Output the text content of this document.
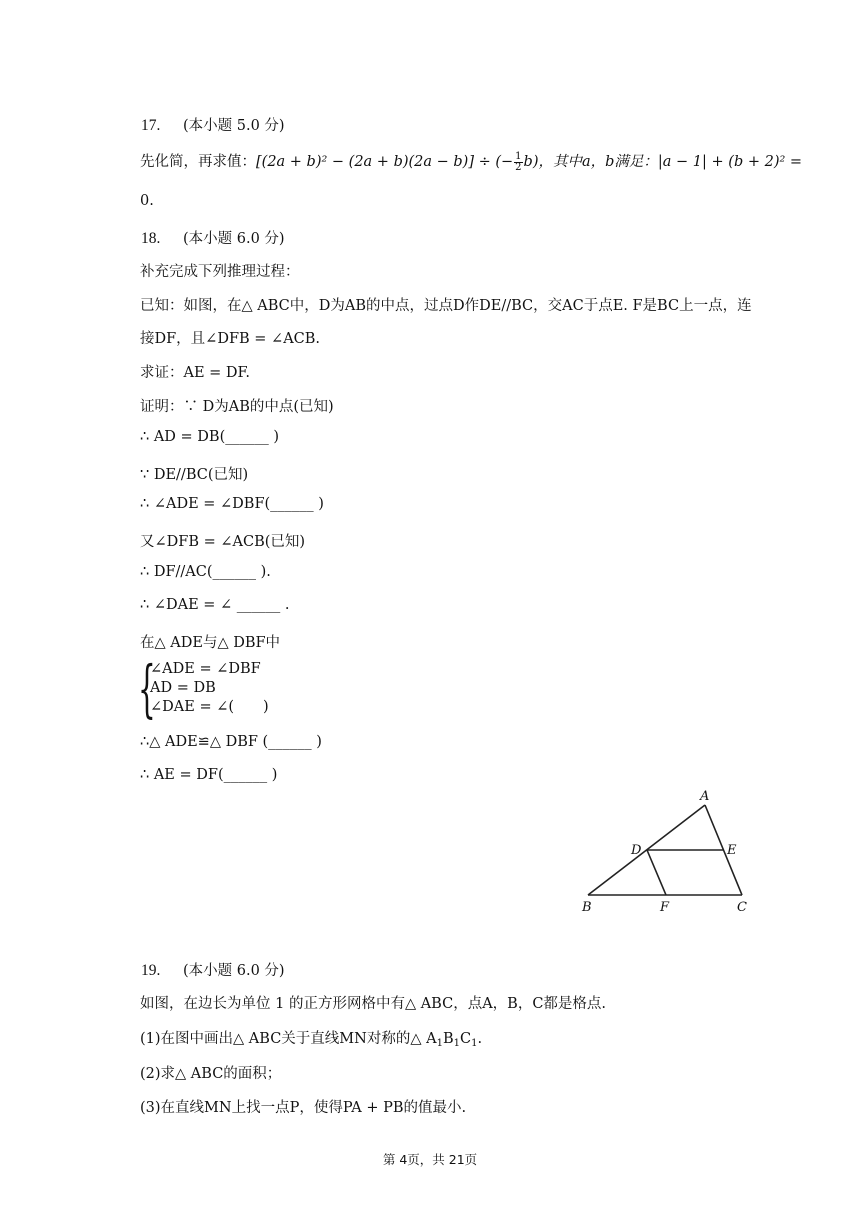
17. (本小题 5.0 分)
先化简，再求值：[(2a + b)² − (2a + b)(2a − b)] ÷ (− $\frac{1}{2} b$)，其中a，b满足：|a − 1| + (b + 2)² =
0.
18. (本小题 6.0 分)
补充完成下列推理过程：
已知：如图，在△ ABC中，D为AB的中点，过点D作DE//BC，交AC于点E. F是BC上一点，连
接DF，且∠DFB = ∠ACB.
求证：AE = DF.
证明：∵ D为AB的中点(已知)
∴ AD = DB(______ )
∵ DE//BC(已知)
∴ ∠ADE = ∠DBF(______ )
又∠DFB = ∠ACB(已知)
∴ DF//AC(______ ).
∴ ∠DAE = ∠ ______ .
在△ ADE与△ DBF中
{
∠ADE = ∠DBF
AD = DB
∠DAE = ∠(　　)
∴△ ADE≌△ DBF (______ )
∴ AE = DF(______ )
A
B	C
D	E
F
19. (本小题 6.0 分)
如图，在边长为单位 1 的正方形网格中有△ ABC，点A，B，C都是格点.
(1)在图中画出△ ABC关于直线MN对称的△ $A_1B_1C_1$.
(2)求△ ABC的面积；
(3)在直线MN上找一点P，使得PA + PB的值最小.
第 4页，共 21页
